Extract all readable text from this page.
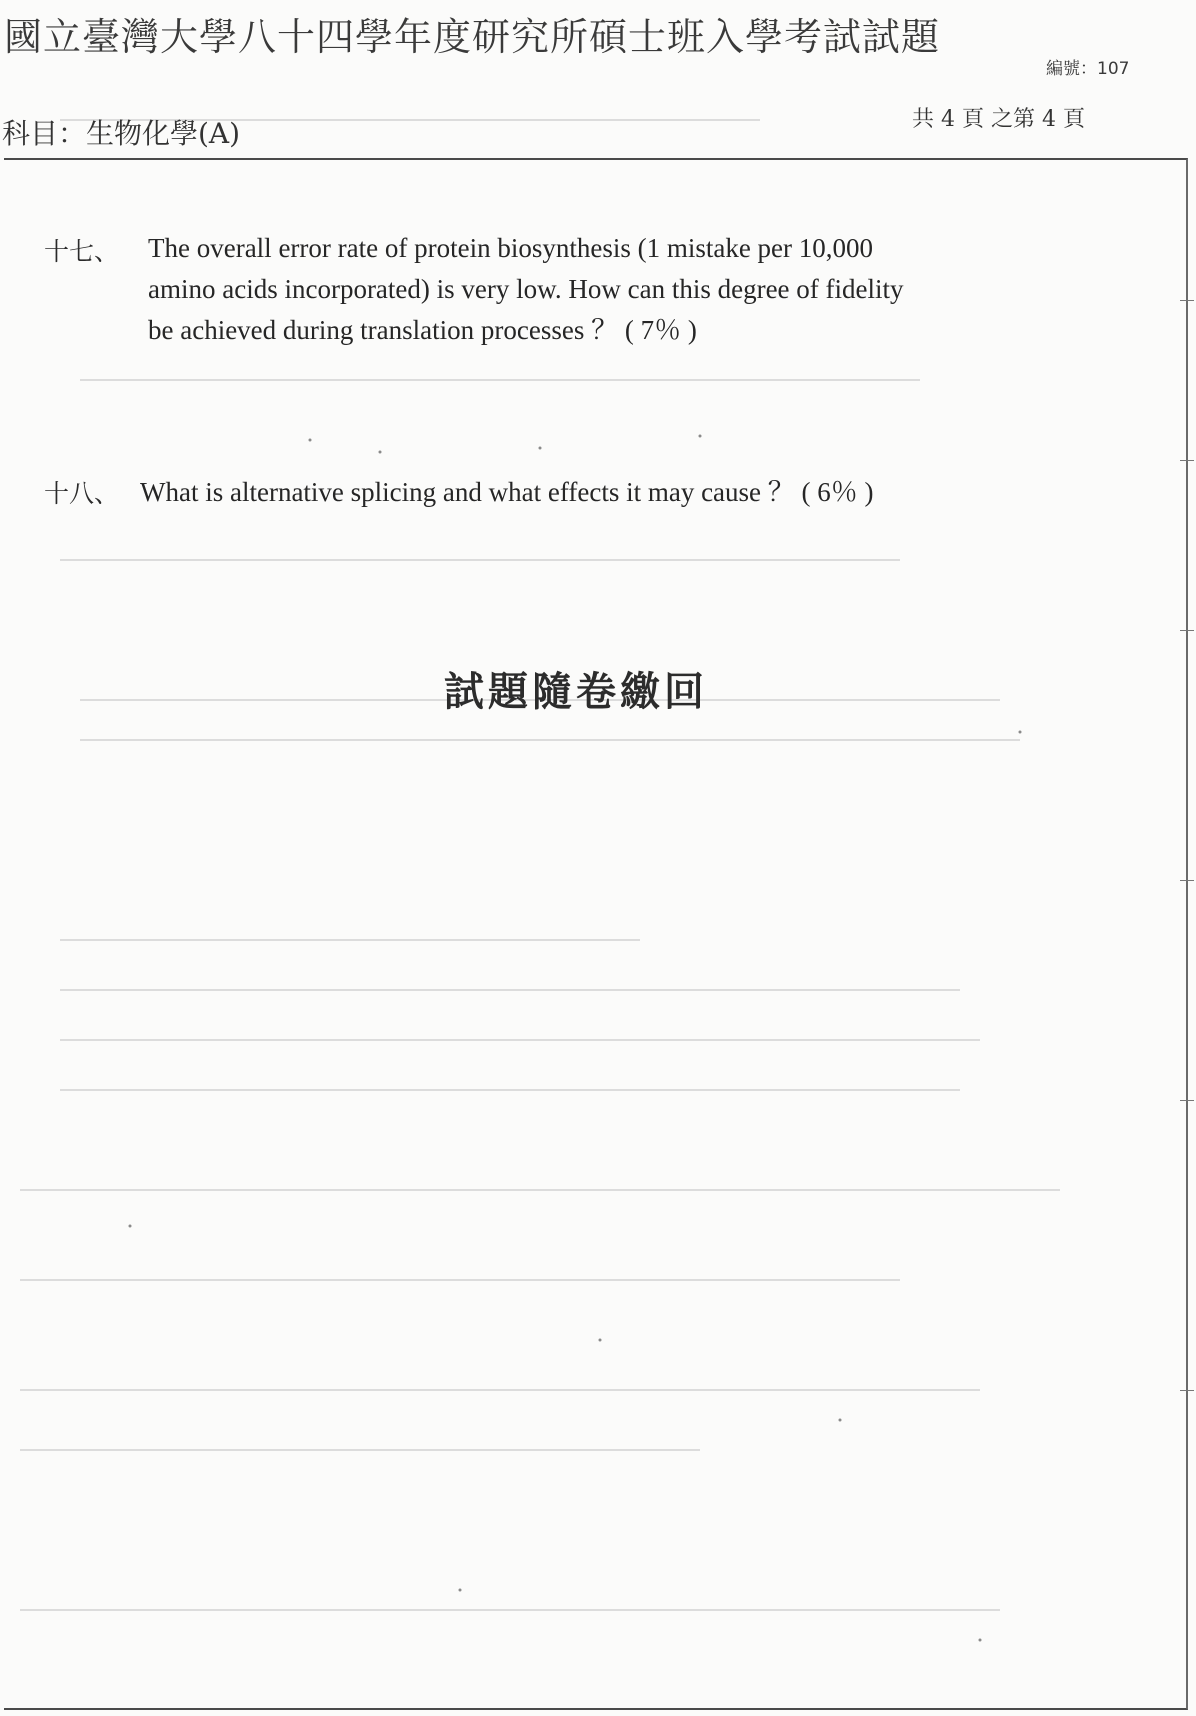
國立臺灣大學八十四學年度研究所碩士班入學考試試題
編號：107
科目：生物化學(A)	共 4 頁 之第 4 頁
十七、	The overall error rate of protein biosynthesis (1 mistake per 10,000
amino acids incorporated) is very low. How can this degree of fidelity
be achieved during translation processes ？ ( 7％ )
十八、 What is alternative splicing and what effects it may cause ？ ( 6％ )
試題隨卷繳回
